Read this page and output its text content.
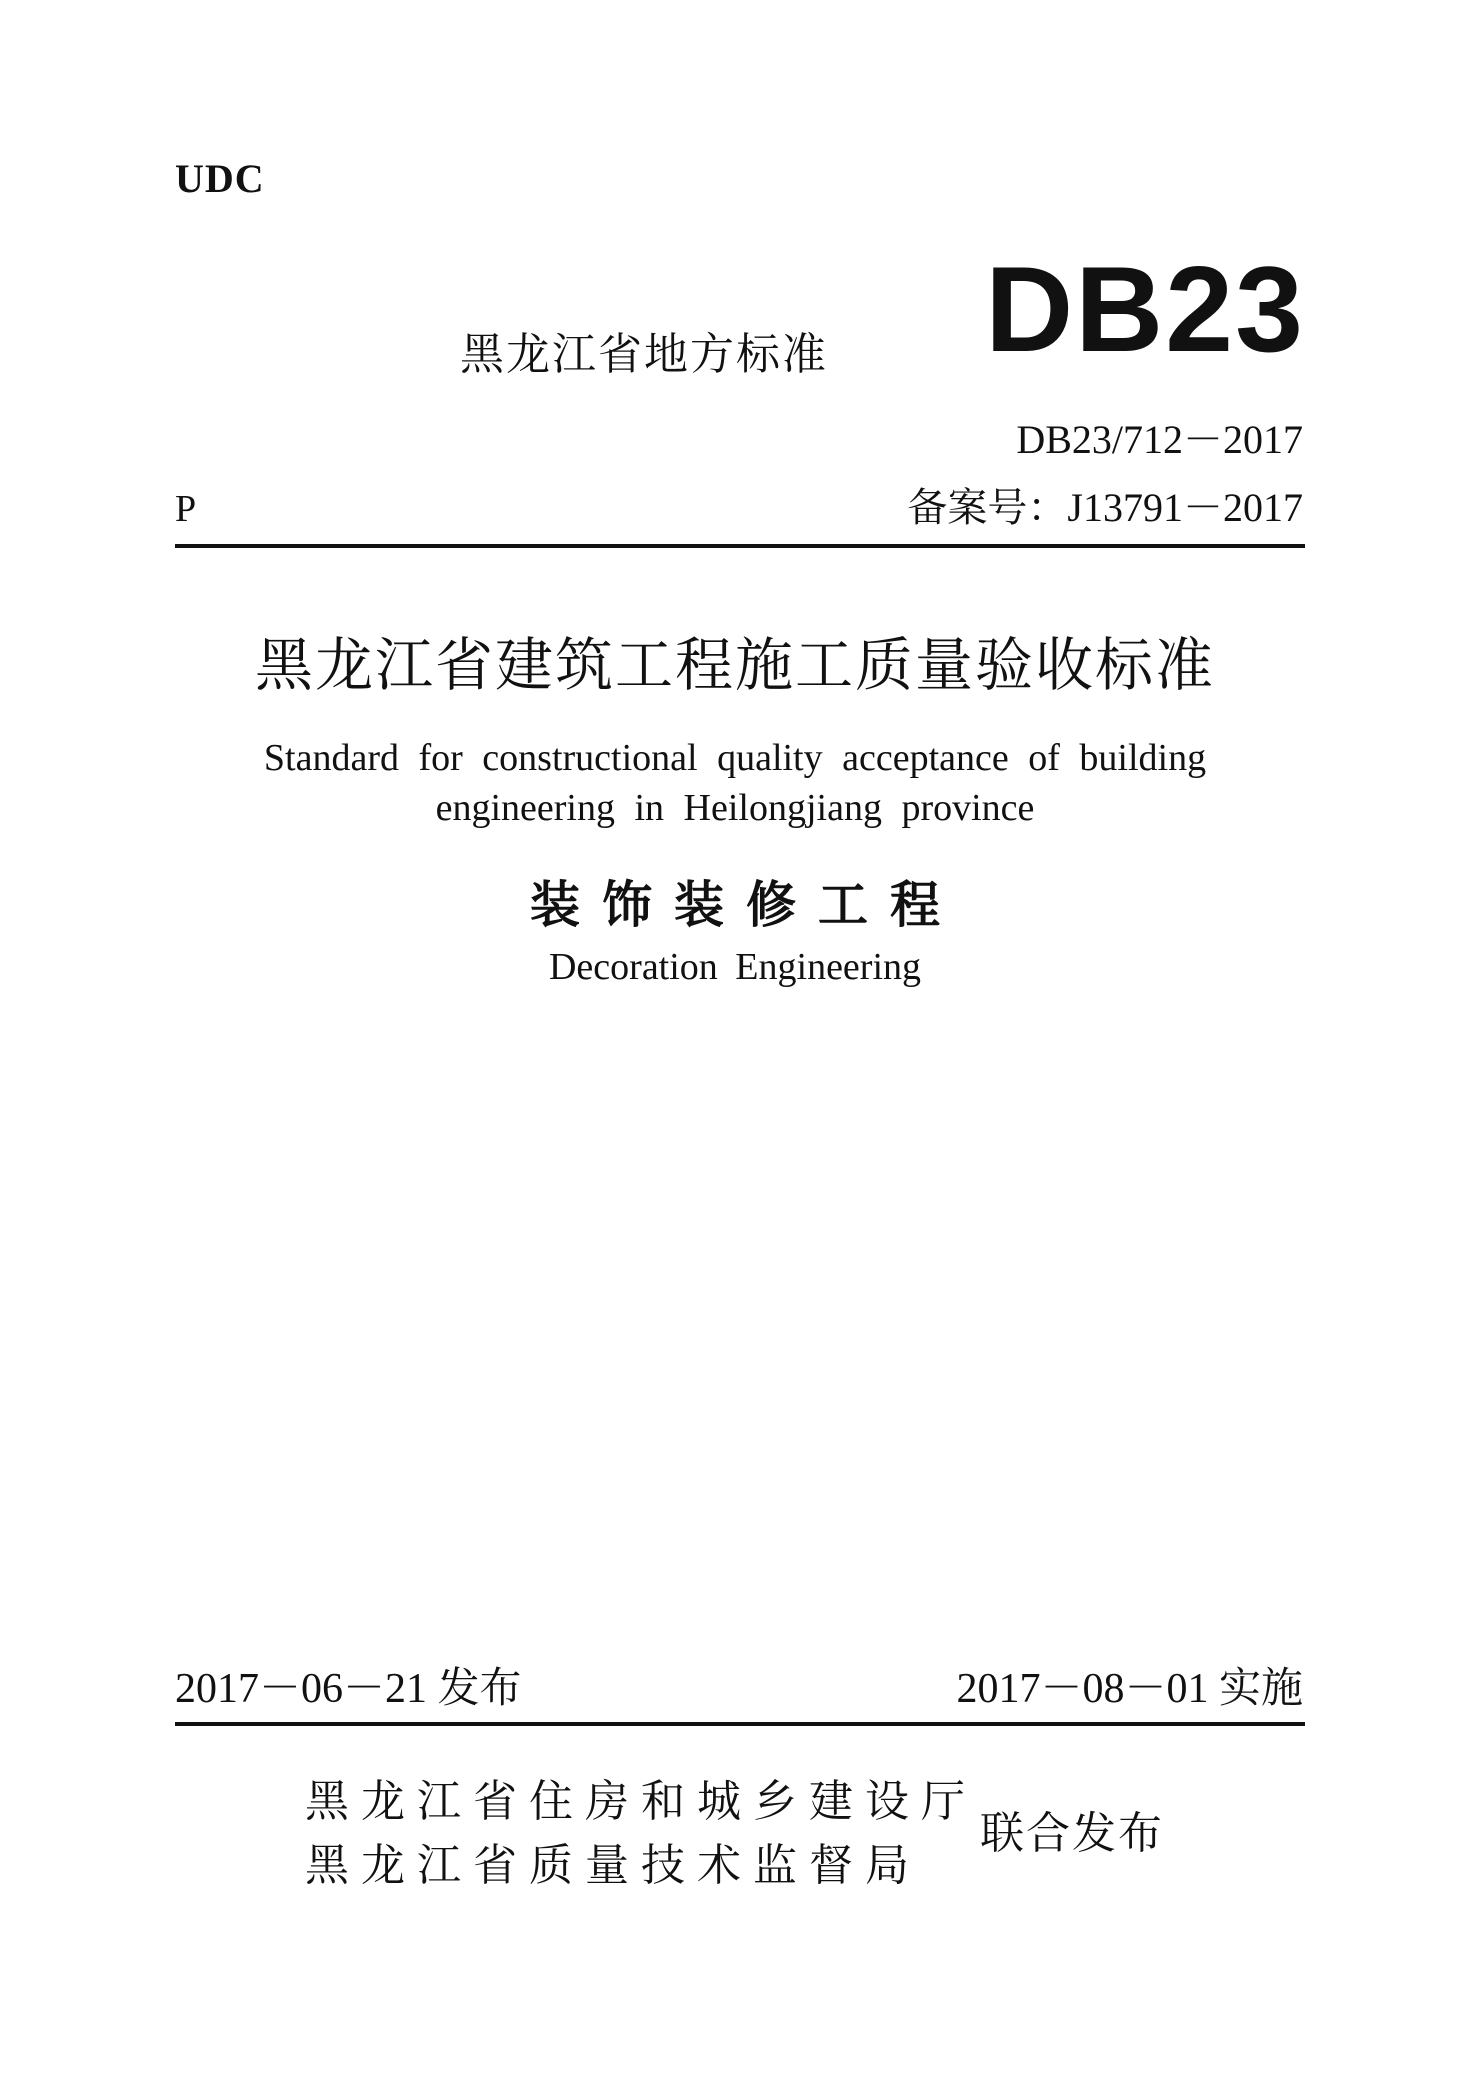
UDC
黑龙江省地方标准 DB23
DB23/712－2017
P	备案号：J13791－2017
黑龙江省建筑工程施工质量验收标准
Standard for constructional quality acceptance of building
engineering in Heilongjiang province
装饰装修工程
Decoration Engineering
2017－06－21 发布	2017－08－01 实施
黑龙江省住房和城乡建设厅
黑龙江省质量技术监督局
联合发布
